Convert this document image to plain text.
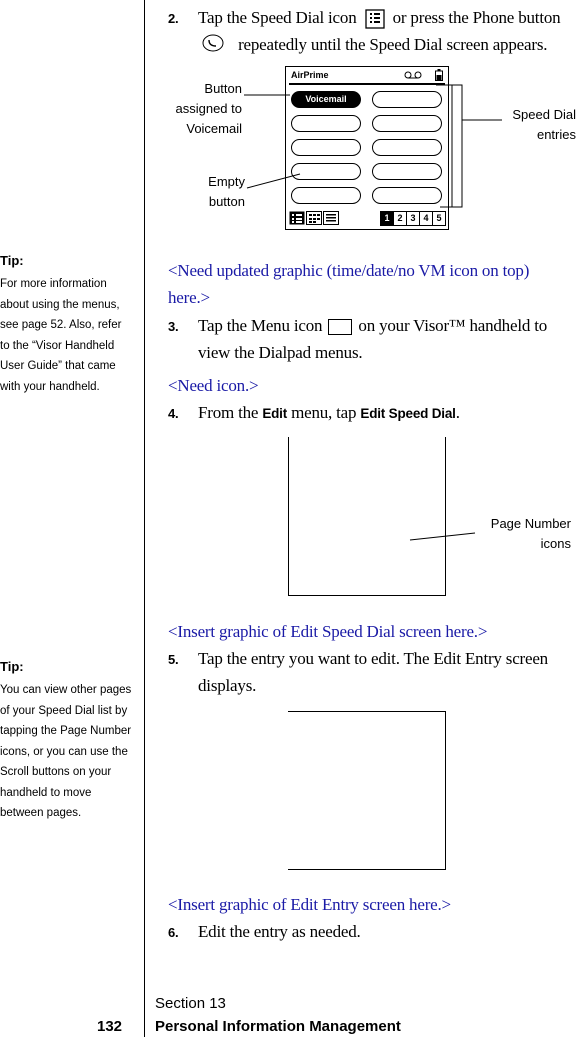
Tip:
For more information about using the menus, see page 52. Also, refer to the “Visor Handheld User Guide” that came with your handheld.
Tip:
You can view other pages of your Speed Dial list by tapping the Page Number icons, or you can use the Scroll buttons on your handheld to move between pages.
2. Tap the Speed Dial icon or press the Phone button
repeatedly until the Speed Dial screen appears.
AirPrime
Voicemail
1 2 3 4 5
Button
assigned to
Voicemail
Empty
button
Speed Dial
entries
<Need updated graphic (time/date/no VM icon on top) here.>
3. Tap the Menu icon on your Visor™ handheld to view the Dialpad menus.
<Need icon.>
4. From the Edit menu, tap Edit Speed Dial.
Page Number
icons
<Insert graphic of Edit Speed Dial screen here.>
5. Tap the entry you want to edit. The Edit Entry screen displays.
<Insert graphic of Edit Entry screen here.>
6. Edit the entry as needed.
Section 13
132 Personal Information Management
